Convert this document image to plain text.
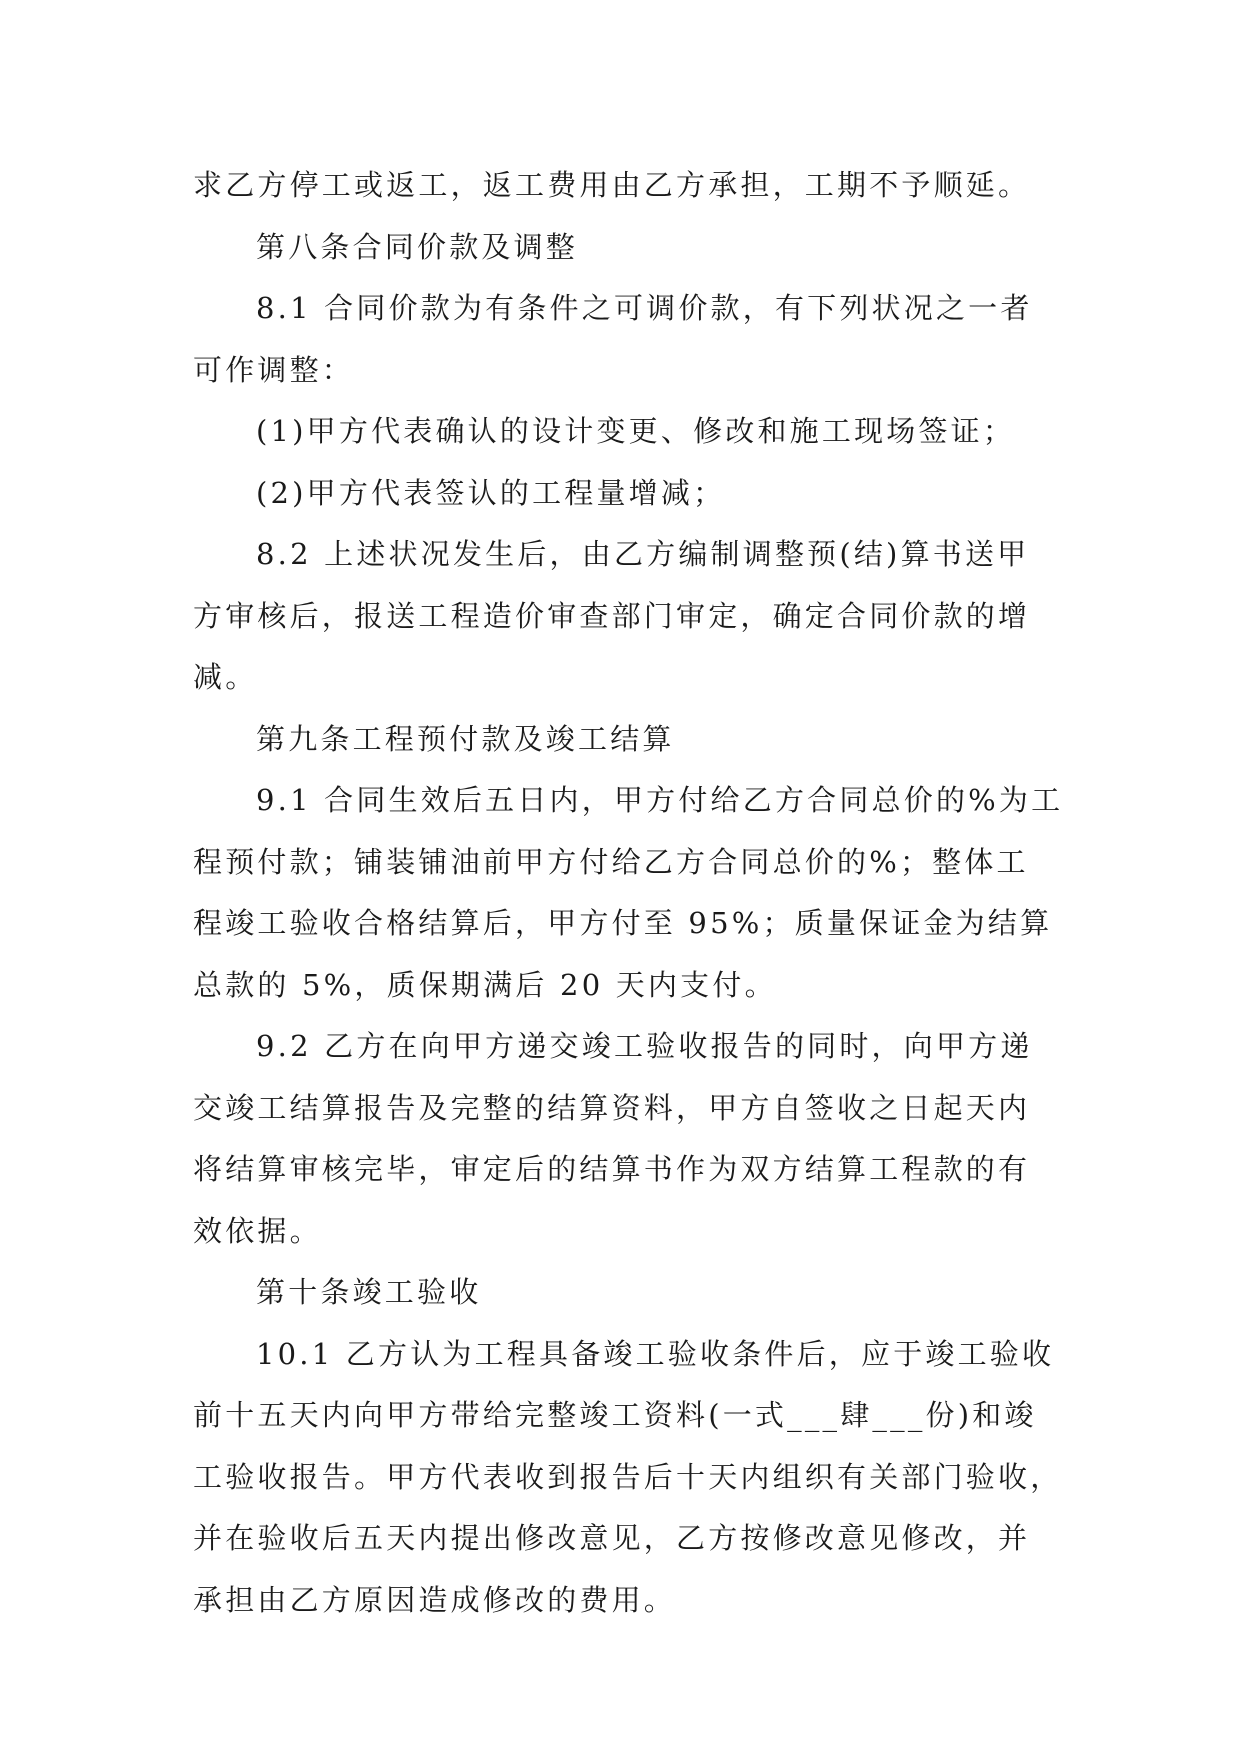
求乙方停工或返工，返工费用由乙方承担，工期不予顺延。
第八条合同价款及调整
8.1 合同价款为有条件之可调价款，有下列状况之一者
可作调整：
(1)甲方代表确认的设计变更、修改和施工现场签证；
(2)甲方代表签认的工程量增减；
8.2 上述状况发生后，由乙方编制调整预(结)算书送甲
方审核后，报送工程造价审查部门审定，确定合同价款的增
减。
第九条工程预付款及竣工结算
9.1 合同生效后五日内，甲方付给乙方合同总价的%为工
程预付款；铺装铺油前甲方付给乙方合同总价的%；整体工
程竣工验收合格结算后，甲方付至 95%；质量保证金为结算
总款的 5%，质保期满后 20 天内支付。
9.2 乙方在向甲方递交竣工验收报告的同时，向甲方递
交竣工结算报告及完整的结算资料，甲方自签收之日起天内
将结算审核完毕，审定后的结算书作为双方结算工程款的有
效依据。
第十条竣工验收
10.1 乙方认为工程具备竣工验收条件后，应于竣工验收
前十五天内向甲方带给完整竣工资料(一式___肆___份)和竣
工验收报告。甲方代表收到报告后十天内组织有关部门验收，
并在验收后五天内提出修改意见，乙方按修改意见修改，并
承担由乙方原因造成修改的费用。
